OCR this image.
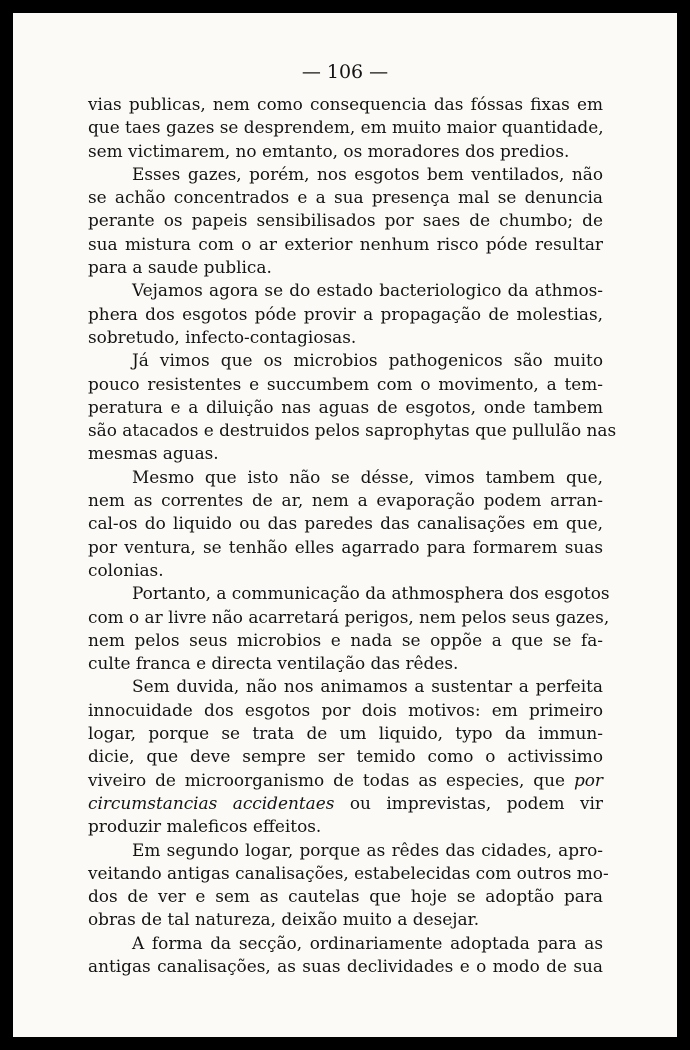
— 106 —
vias publicas, nem como consequencia das fóssas fixas em
que taes gazes se desprendem, em muito maior quantidade,
sem victimarem, no emtanto, os moradores dos predios.
Esses gazes, porém, nos esgotos bem ventilados, não
se achão concentrados e a sua presença mal se denuncia
perante os papeis sensibilisados por saes de chumbo; de
sua mistura com o ar exterior nenhum risco póde resultar
para a saude publica.
Vejamos agora se do estado bacteriologico da athmos-
phera dos esgotos póde provir a propagação de molestias,
sobretudo, infecto-contagiosas.
Já vimos que os microbios pathogenicos são muito
pouco resistentes e succumbem com o movimento, a tem-
peratura e a diluição nas aguas de esgotos, onde tambem
são atacados e destruidos pelos saprophytas que pullulão nas
mesmas aguas.
Mesmo que isto não se désse, vimos tambem que,
nem as correntes de ar, nem a evaporação podem arran-
cal-os do liquido ou das paredes das canalisações em que,
por ventura, se tenhão elles agarrado para formarem suas
colonias.
Portanto, a communicação da athmosphera dos esgotos
com o ar livre não acarretará perigos, nem pelos seus gazes,
nem pelos seus microbios e nada se oppõe a que se fa-
culte franca e directa ventilação das rêdes.
Sem duvida, não nos animamos a sustentar a perfeita
innocuidade dos esgotos por dois motivos: em primeiro
logar, porque se trata de um liquido, typo da immun-
dicie, que deve sempre ser temido como o activissimo
viveiro de microorganismo de todas as especies, que por
circumstancias accidentaes ou imprevistas, podem vir
produzir maleficos effeitos.
Em segundo logar, porque as rêdes das cidades, apro-
veitando antigas canalisações, estabelecidas com outros mo-
dos de ver e sem as cautelas que hoje se adoptão para
obras de tal natureza, deixão muito a desejar.
A forma da secção, ordinariamente adoptada para as
antigas canalisações, as suas declividades e o modo de sua
